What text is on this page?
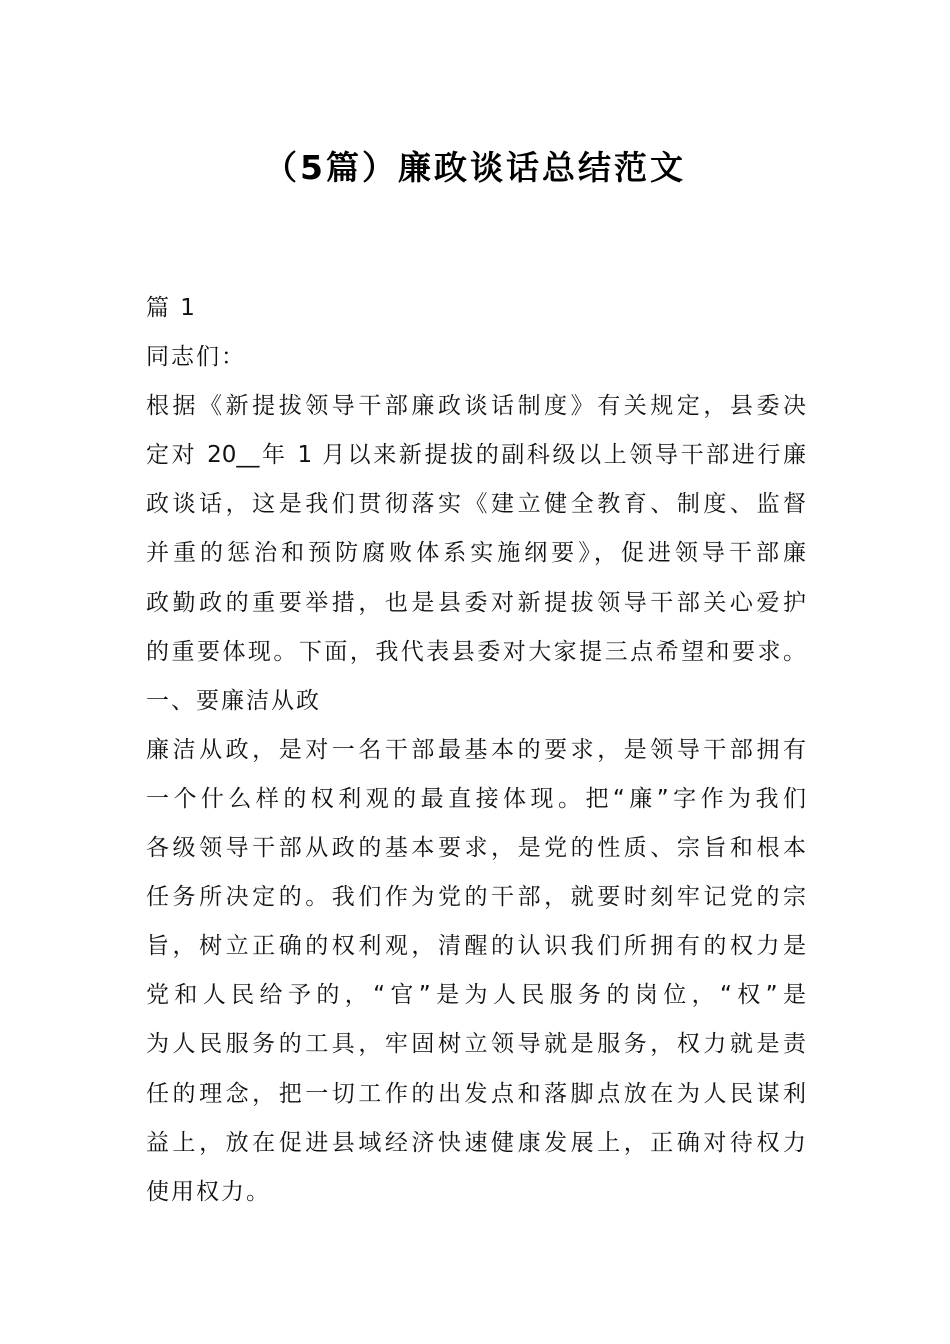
（5篇）廉政谈话总结范文
篇 1
同志们：
根据《新提拔领导干部廉政谈话制度》有关规定，县委决
定对 20__年 1 月以来新提拔的副科级以上领导干部进行廉
政谈话，这是我们贯彻落实《建立健全教育、制度、监督
并重的惩治和预防腐败体系实施纲要》，促进领导干部廉
政勤政的重要举措，也是县委对新提拔领导干部关心爱护
的重要体现。下面，我代表县委对大家提三点希望和要求。
一、要廉洁从政
廉洁从政，是对一名干部最基本的要求，是领导干部拥有
一个什么样的权利观的最直接体现。把“廉”字作为我们
各级领导干部从政的基本要求，是党的性质、宗旨和根本
任务所决定的。我们作为党的干部，就要时刻牢记党的宗
旨，树立正确的权利观，清醒的认识我们所拥有的权力是
党和人民给予的，“官”是为人民服务的岗位，“权”是
为人民服务的工具，牢固树立领导就是服务，权力就是责
任的理念，把一切工作的出发点和落脚点放在为人民谋利
益上，放在促进县域经济快速健康发展上，正确对待权力
使用权力。
